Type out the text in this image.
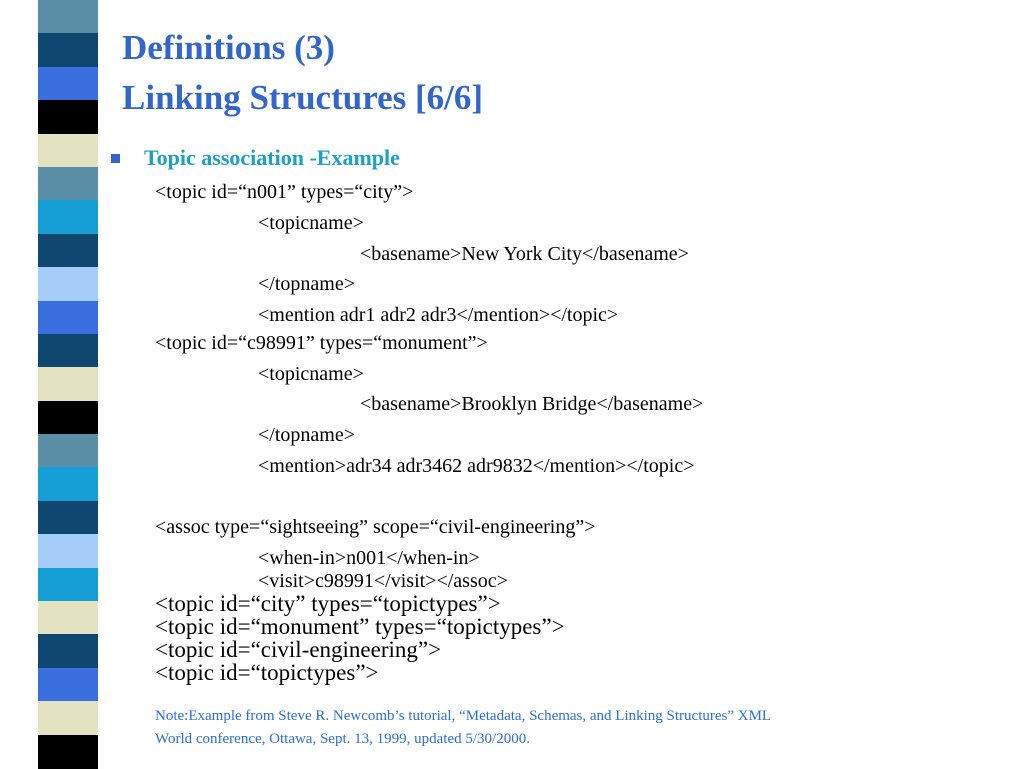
Definitions (3)
Linking Structures [6/6]
Topic association -Example
<topic id=“n001” types=“city”>
<topicname>
<basename>New York City</basename>
</topname>
<mention adr1 adr2 adr3</mention></topic>
<topic id=“c98991” types=“monument”>
<topicname>
<basename>Brooklyn Bridge</basename>
</topname>
<mention>adr34 adr3462 adr9832</mention></topic>
<assoc type=“sightseeing” scope=“civil-engineering”>
<when-in>n001</when-in>
<visit>c98991</visit></assoc>
<topic id=“city” types=“topictypes”>
<topic id=“monument” types=“topictypes”>
<topic id=“civil-engineering”>
<topic id=“topictypes”>
Note:Example from Steve R. Newcomb’s tutorial, “Metadata, Schemas, and Linking Structures” XML
World conference, Ottawa, Sept. 13, 1999, updated 5/30/2000.
